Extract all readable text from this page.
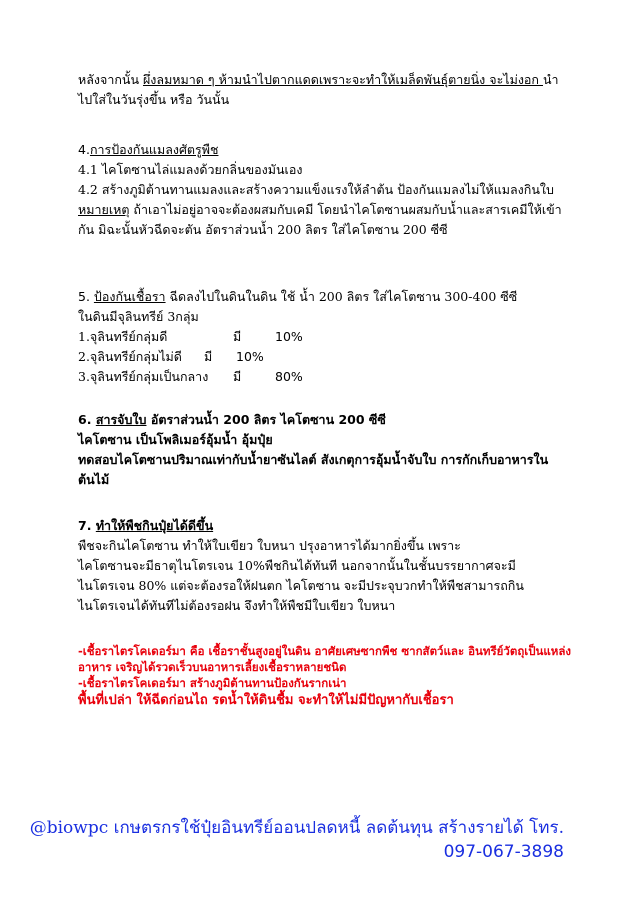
หลังจากนั้น ผึ่งลมหมาด ๆ ห้ามนำไปตากแดดเพราะจะทำให้เมล็ดพันธุ์ตายนิ่ง จะไม่งอก นำ
ไปใส่ในวันรุ่งขึ้น หรือ วันนั้น
4.การป้องกันแมลงศัตรูพืช
4.1 ไคโตซานไล่แมลงด้วยกลิ่นของมันเอง
4.2 สร้างภูมิต้านทานแมลงและสร้างความแข็งแรงให้ลำต้น ป้องกันแมลงไม่ให้แมลงกินใบ
หมายเหตุ ถ้าเอาไม่อยู่อาจจะต้องผสมกับเคมี โดยนำไคโตซานผสมกับน้ำและสารเคมีให้เข้า
กัน มิฉะนั้นหัวฉีดจะตัน อัตราส่วนน้ำ 200 ลิตร ใส่ไคโตซาน 200 ซีซี
5. ป้องกันเชื้อรา ฉีดลงไปในดินในดิน ใช้ น้ำ 200 ลิตร ใส่ไคโตซาน 300-400 ซีซี
ในดินมีจุลินทรีย์ 3กลุ่ม
1.จุลินทรีย์กลุ่มดี	มี	10%
2.จุลินทรีย์กลุ่มไม่ดี	มี	10%
3.จุลินทรีย์กลุ่มเป็นกลาง	มี	80%
6. สารจับใบ อัตราส่วนน้ำ 200 ลิตร ไคโตซาน 200 ซีซี
ไคโตซาน เป็นโพลิเมอร์อุ้มน้ำ อุ้มปุ๋ย
ทดสอบไคโตซานปริมาณเท่ากับน้ำยาซันไลต์ สังเกตุการอุ้มน้ำจับใบ การกักเก็บอาหารใน
ต้นไม้
7. ทำให้พืชกินปุ๋ยได้ดีขึ้น
พืชจะกินไคโตซาน ทำให้ใบเขียว ใบหนา ปรุงอาหารได้มากยิ่งขึ้น เพราะ
ไคโตซานจะมีธาตุไนโตรเจน 10%พืชกินได้ทันที นอกจากนั้นในชั้นบรรยากาศจะมี
ไนโตรเจน 80% แต่จะต้องรอให้ฝนตก ไคโตซาน จะมีประจุบวกทำให้พืชสามารถกิน
ไนโตรเจนได้ทันทีไม่ต้องรอฝน จึงทำให้พืชมีใบเขียว ใบหนา
-เชื้อราไตรโคเดอร์มา คือ เชื้อราชั้นสูงอยู่ในดิน อาศัยเศษซากพืช ซากสัตว์และ อินทรีย์วัตถุเป็นแหล่ง
อาหาร เจริญได้รวดเร็วบนอาหารเลี้ยงเชื้อราหลายชนิด
-เชื้อราไตรโคเดอร์มา สร้างภูมิต้านทานป้องกันรากเน่า
พื้นที่เปล่า ให้ฉีดก่อนไถ รดน้ำให้ดินชื้ม จะทำให้ไม่มีปัญหากับเชื้อรา
@biowpc เกษตรกรใช้ปุ๋ยอินทรีย์ออนปลดหนี้ ลดต้นทุน สร้างรายได้ โทร.
097-067-3898
